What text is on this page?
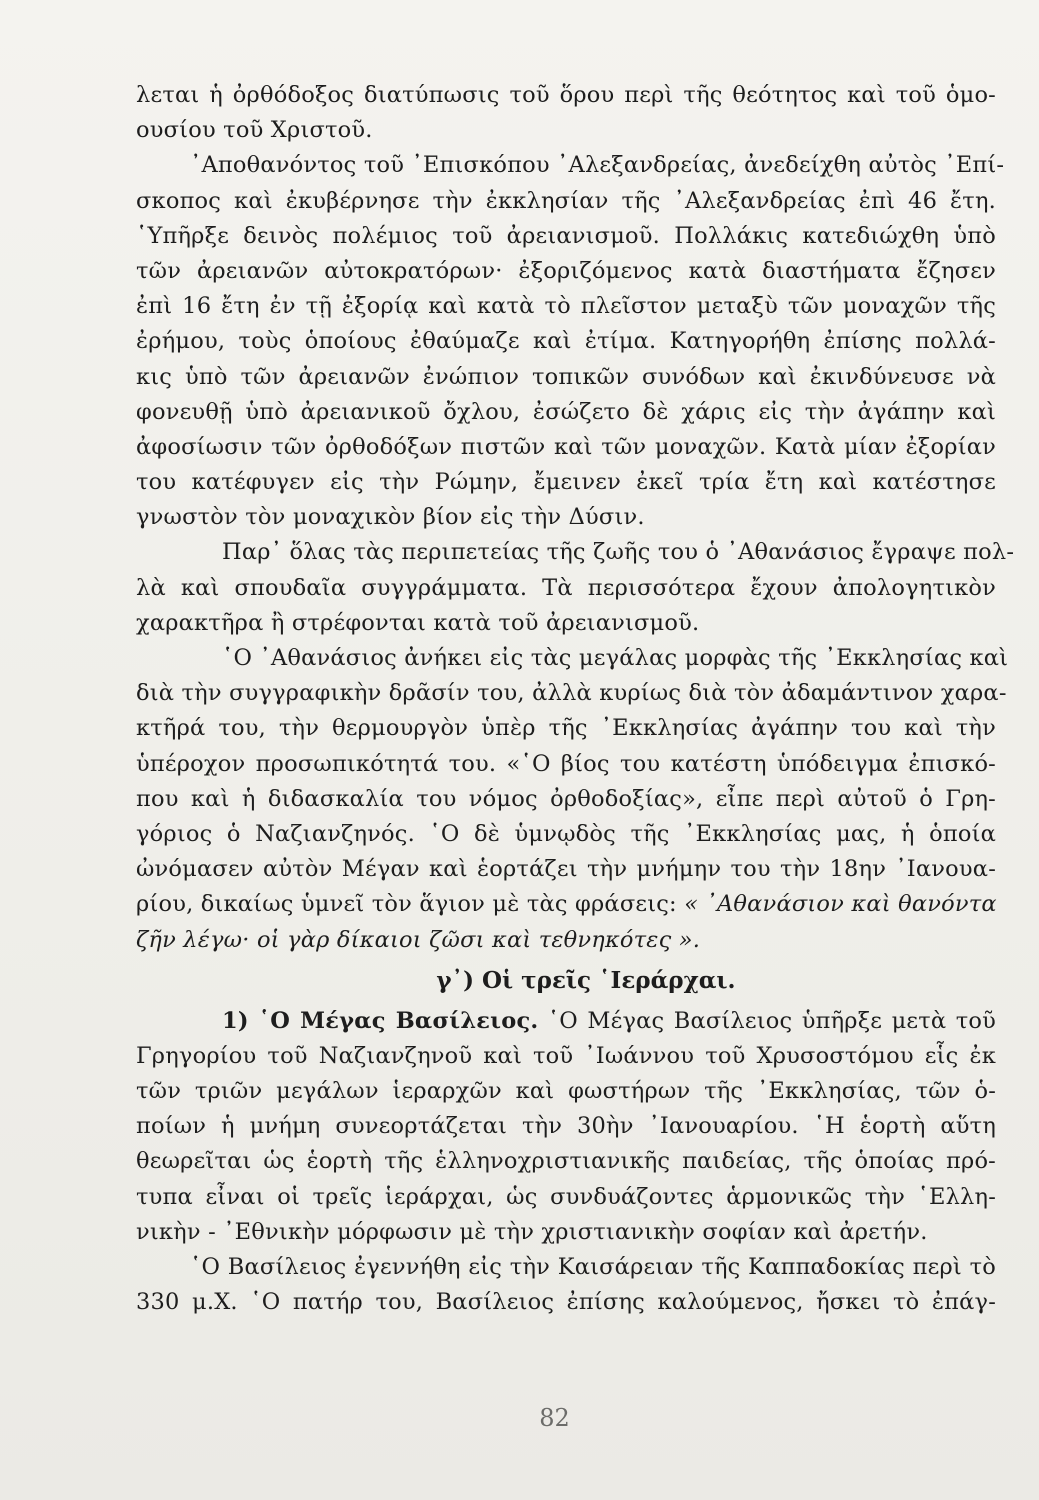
λεται ἡ ὀρθόδοξος διατύπωσις τοῦ ὅρου περὶ τῆς θεότητος καὶ τοῦ ὁμο-
ουσίου τοῦ Χριστοῦ.
᾿Αποθανόντος τοῦ ᾿Επισκόπου ᾿Αλεξανδρείας, ἀνεδείχθη αὐτὸς ᾿Επί-
σκοπος καὶ ἐκυβέρνησε τὴν ἐκκλησίαν τῆς ᾿Αλεξανδρείας ἐπὶ 46 ἔτη.
῾Υπῆρξε δεινὸς πολέμιος τοῦ ἀρειανισμοῦ. Πολλάκις κατεδιώχθη ὑπὸ
τῶν ἀρειανῶν αὐτοκρατόρων· ἐξοριζόμενος κατὰ διαστήματα ἔζησεν
ἐπὶ 16 ἔτη ἐν τῇ ἐξορίᾳ καὶ κατὰ τὸ πλεῖστον μεταξὺ τῶν μοναχῶν τῆς
ἐρήμου, τοὺς ὁποίους ἐθαύμαζε καὶ ἐτίμα. Κατηγορήθη ἐπίσης πολλά-
κις ὑπὸ τῶν ἀρειανῶν ἐνώπιον τοπικῶν συνόδων καὶ ἐκινδύνευσε νὰ
φονευθῇ ὑπὸ ἀρειανικοῦ ὄχλου, ἐσώζετο δὲ χάρις εἰς τὴν ἀγάπην καὶ
ἀφοσίωσιν τῶν ὀρθοδόξων πιστῶν καὶ τῶν μοναχῶν. Κατὰ μίαν ἐξορίαν
του κατέφυγεν εἰς τὴν Ρώμην, ἔμεινεν ἐκεῖ τρία ἔτη καὶ κατέστησε
γνωστὸν τὸν μοναχικὸν βίον εἰς τὴν Δύσιν.
Παρ᾿ ὅλας τὰς περιπετείας τῆς ζωῆς του ὁ ᾿Αθανάσιος ἔγραψε πολ-
λὰ καὶ σπουδαῖα συγγράμματα. Τὰ περισσότερα ἔχουν ἀπολογητικὸν
χαρακτῆρα ἢ στρέφονται κατὰ τοῦ ἀρειανισμοῦ.
῾Ο ᾿Αθανάσιος ἀνήκει εἰς τὰς μεγάλας μορφὰς τῆς ᾿Εκκλησίας καὶ
διὰ τὴν συγγραφικὴν δρᾶσίν του, ἀλλὰ κυρίως διὰ τὸν ἀδαμάντινον χαρα-
κτῆρά του, τὴν θερμουργὸν ὑπὲρ τῆς ᾿Εκκλησίας ἀγάπην του καὶ τὴν
ὑπέροχον προσωπικότητά του. «῾Ο βίος του κατέστη ὑπόδειγμα ἐπισκό-
που καὶ ἡ διδασκαλία του νόμος ὀρθοδοξίας», εἶπε περὶ αὐτοῦ ὁ Γρη-
γόριος ὁ Ναζιανζηνός. ῾Ο δὲ ὑμνῳδὸς τῆς ᾿Εκκλησίας μας, ἡ ὁποία
ὠνόμασεν αὐτὸν Μέγαν καὶ ἑορτάζει τὴν μνήμην του τὴν 18ην ᾿Ιανουα-
ρίου, δικαίως ὑμνεῖ τὸν ἅγιον μὲ τὰς φράσεις: « ᾿Αθανάσιον καὶ θανόντα
ζῆν λέγω· οἱ γὰρ δίκαιοι ζῶσι καὶ τεθνηκότες ».
γ᾿) Οἱ τρεῖς ῾Ιεράρχαι.
1) ῾Ο Μέγας Βασίλειος. ῾Ο Μέγας Βασίλειος ὑπῆρξε μετὰ τοῦ
Γρηγορίου τοῦ Ναζιανζηνοῦ καὶ τοῦ ᾿Ιωάννου τοῦ Χρυσοστόμου εἷς ἐκ
τῶν τριῶν μεγάλων ἱεραρχῶν καὶ φωστήρων τῆς ᾿Εκκλησίας, τῶν ὁ-
ποίων ἡ μνήμη συνεορτάζεται τὴν 30ὴν ᾿Ιανουαρίου. ῾Η ἑορτὴ αὕτη
θεωρεῖται ὡς ἑορτὴ τῆς ἑλληνοχριστιανικῆς παιδείας, τῆς ὁποίας πρό-
τυπα εἶναι οἱ τρεῖς ἱεράρχαι, ὡς συνδυάζοντες ἁρμονικῶς τὴν ῾Ελλη-
νικὴν - ᾿Εθνικὴν μόρφωσιν μὲ τὴν χριστιανικὴν σοφίαν καὶ ἀρετήν.
῾Ο Βασίλειος ἐγεννήθη εἰς τὴν Καισάρειαν τῆς Καππαδοκίας περὶ τὸ
330 μ.Χ. ῾Ο πατήρ του, Βασίλειος ἐπίσης καλούμενος, ἤσκει τὸ ἐπάγ-
82
